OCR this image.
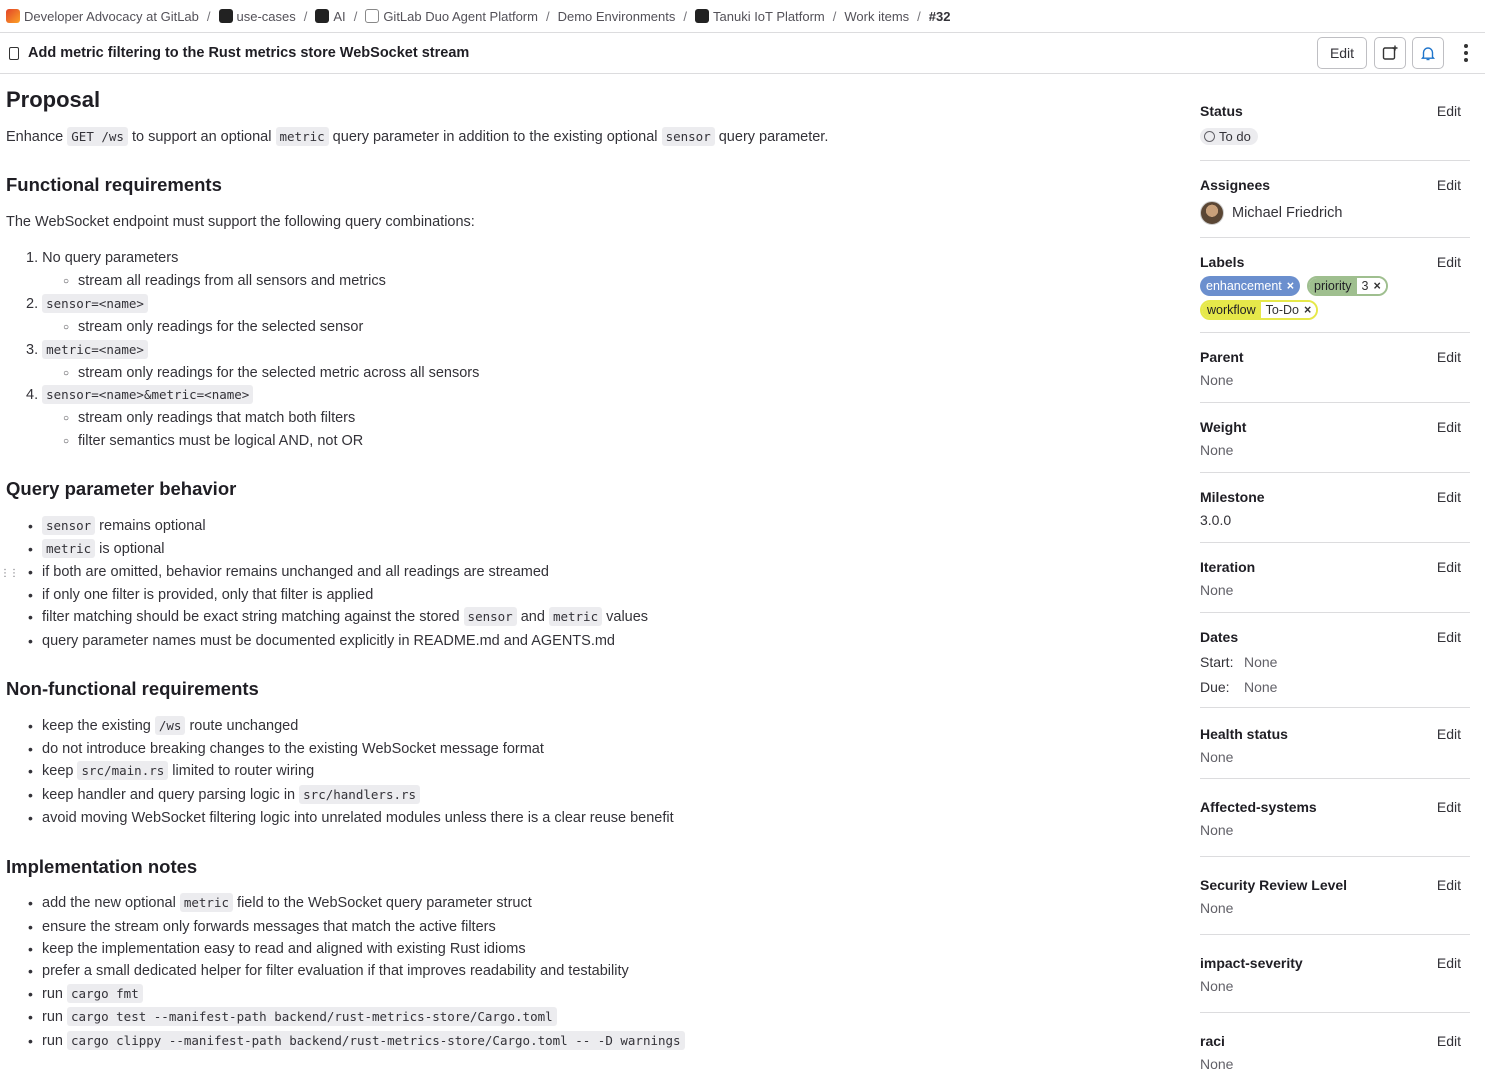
Developer Advocacy at GitLab / use-cases / AI / GitLab Duo Agent Platform / Demo Environments / Tanuki IoT Platform / Work items / #32
Add metric filtering to the Rust metrics store WebSocket stream	Edit
Proposal
Enhance GET /ws to support an optional metric query parameter in addition to the existing optional sensor query parameter.
Functional requirements
The WebSocket endpoint must support the following query combinations:
1. No query parameters
○ stream all readings from all sensors and metrics
2. sensor=<name>
○ stream only readings for the selected sensor
3. metric=<name>
○ stream only readings for the selected metric across all sensors
4. sensor=<name>&metric=<name>
○ stream only readings that match both filters
○ filter semantics must be logical AND, not OR
Query parameter behavior
• sensor remains optional
• metric is optional
• if both are omitted, behavior remains unchanged and all readings are streamed
• if only one filter is provided, only that filter is applied
• filter matching should be exact string matching against the stored sensor and metric values
• query parameter names must be documented explicitly in README.md and AGENTS.md
⋮⋮
Non-functional requirements
• keep the existing /ws route unchanged
• do not introduce breaking changes to the existing WebSocket message format
• keep src/main.rs limited to router wiring
• keep handler and query parsing logic in src/handlers.rs
• avoid moving WebSocket filtering logic into unrelated modules unless there is a clear reuse benefit
Implementation notes
• add the new optional metric field to the WebSocket query parameter struct
• ensure the stream only forwards messages that match the active filters
• keep the implementation easy to read and aligned with existing Rust idioms
• prefer a small dedicated helper for filter evaluation if that improves readability and testability
• run cargo fmt
• run cargo test --manifest-path backend/rust-metrics-store/Cargo.toml
• run cargo clippy --manifest-path backend/rust-metrics-store/Cargo.toml -- -D warnings
Status	Edit
To do
Assignees	Edit
Michael Friedrich
Labels	Edit
enhancement ×	priority 3 ×
workflow To-Do ×
Parent	Edit
None
Weight	Edit
None
Milestone	Edit
3.0.0
Iteration	Edit
None
Dates	Edit
Start: None
Due: None
Health status	Edit
None
Affected-systems	Edit
None
Security Review Level	Edit
None
impact-severity	Edit
None
raci	Edit
None
